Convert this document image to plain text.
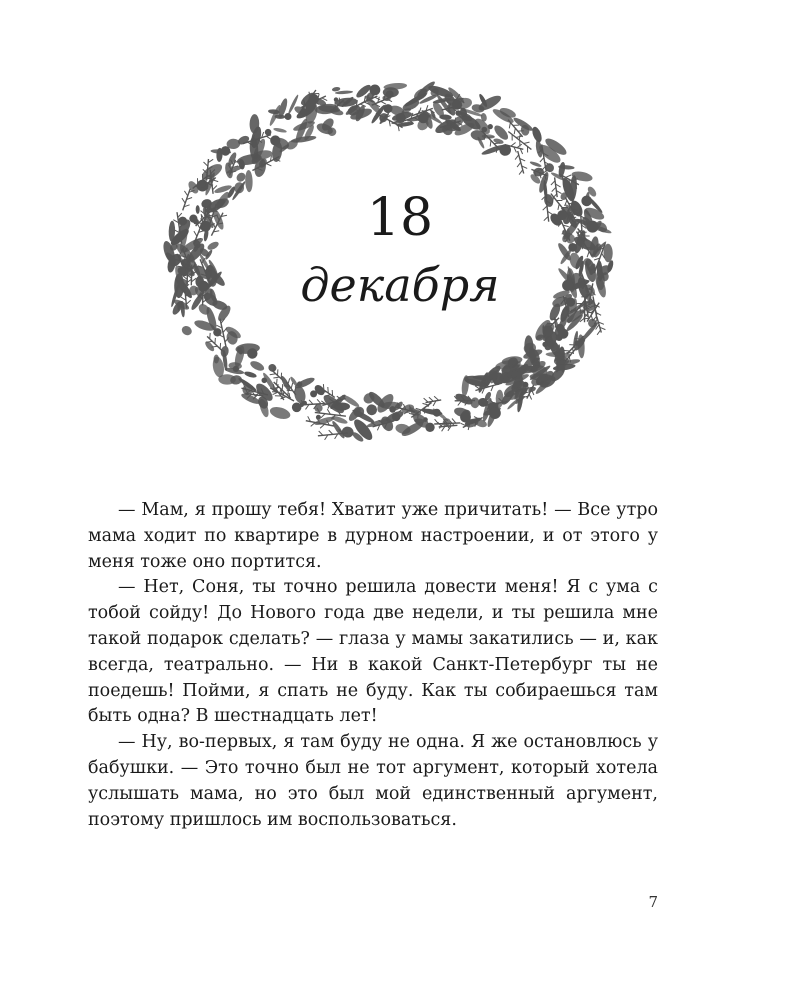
18
декабря

— Мам, я прошу тебя! Хватит уже причитать! — Все утро мама ходит по квартире в дурном настроении, и от этого у меня тоже оно портится.

— Нет, Соня, ты точно решила довести меня! Я с ума с тобой сойду! До Нового года две недели, и ты решила мне такой подарок сделать? — глаза у мамы закатились — и, как всегда, театрально. — Ни в какой Санкт-Петербург ты не поедешь! Пойми, я спать не буду. Как ты собираешься там быть одна? В шестнадцать лет!

— Ну, во-первых, я там буду не одна. Я же остановлюсь у бабушки. — Это точно был не тот аргумент, который хотела услышать мама, но это был мой единственный аргумент, поэтому пришлось им воспользоваться.

7
